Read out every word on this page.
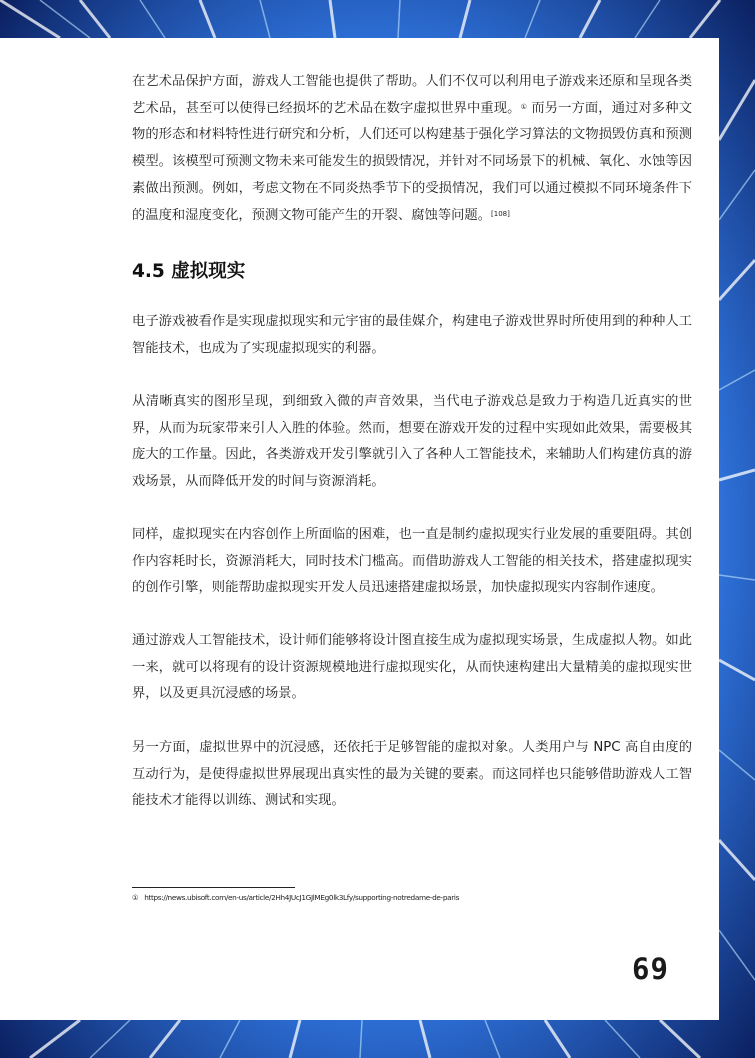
在艺术品保护方面，游戏人工智能也提供了帮助。人们不仅可以利用电子游戏来还原和呈现各类艺术品，甚至可以使得已经损坏的艺术品在数字虚拟世界中重现。① 而另一方面，通过对多种文物的形态和材料特性进行研究和分析，人们还可以构建基于强化学习算法的文物损毁仿真和预测模型。该模型可预测文物未来可能发生的损毁情况，并针对不同场景下的机械、氧化、水蚀等因素做出预测。例如，考虑文物在不同炎热季节下的受损情况，我们可以通过模拟不同环境条件下的温度和湿度变化，预测文物可能产生的开裂、腐蚀等问题。[108]

4.5 虚拟现实

电子游戏被看作是实现虚拟现实和元宇宙的最佳媒介，构建电子游戏世界时所使用到的种种人工智能技术，也成为了实现虚拟现实的利器。

从清晰真实的图形呈现，到细致入微的声音效果，当代电子游戏总是致力于构造几近真实的世界，从而为玩家带来引人入胜的体验。然而，想要在游戏开发的过程中实现如此效果，需要极其庞大的工作量。因此，各类游戏开发引擎就引入了各种人工智能技术，来辅助人们构建仿真的游戏场景，从而降低开发的时间与资源消耗。

同样，虚拟现实在内容创作上所面临的困难，也一直是制约虚拟现实行业发展的重要阻碍。其创作内容耗时长，资源消耗大，同时技术门槛高。而借助游戏人工智能的相关技术，搭建虚拟现实的创作引擎，则能帮助虚拟现实开发人员迅速搭建虚拟场景，加快虚拟现实内容制作速度。

通过游戏人工智能技术，设计师们能够将设计图直接生成为虚拟现实场景，生成虚拟人物。如此一来，就可以将现有的设计资源规模地进行虚拟现实化，从而快速构建出大量精美的虚拟现实世界，以及更具沉浸感的场景。

另一方面，虚拟世界中的沉浸感，还依托于足够智能的虚拟对象。人类用户与 NPC 高自由度的互动行为，是使得虚拟世界展现出真实性的最为关键的要素。而这同样也只能够借助游戏人工智能技术才能得以训练、测试和实现。

① https://news.ubisoft.com/en-us/article/2Hh4JUcJ1GJlMEg0lk3Lfy/supporting-notredame-de-paris
69
